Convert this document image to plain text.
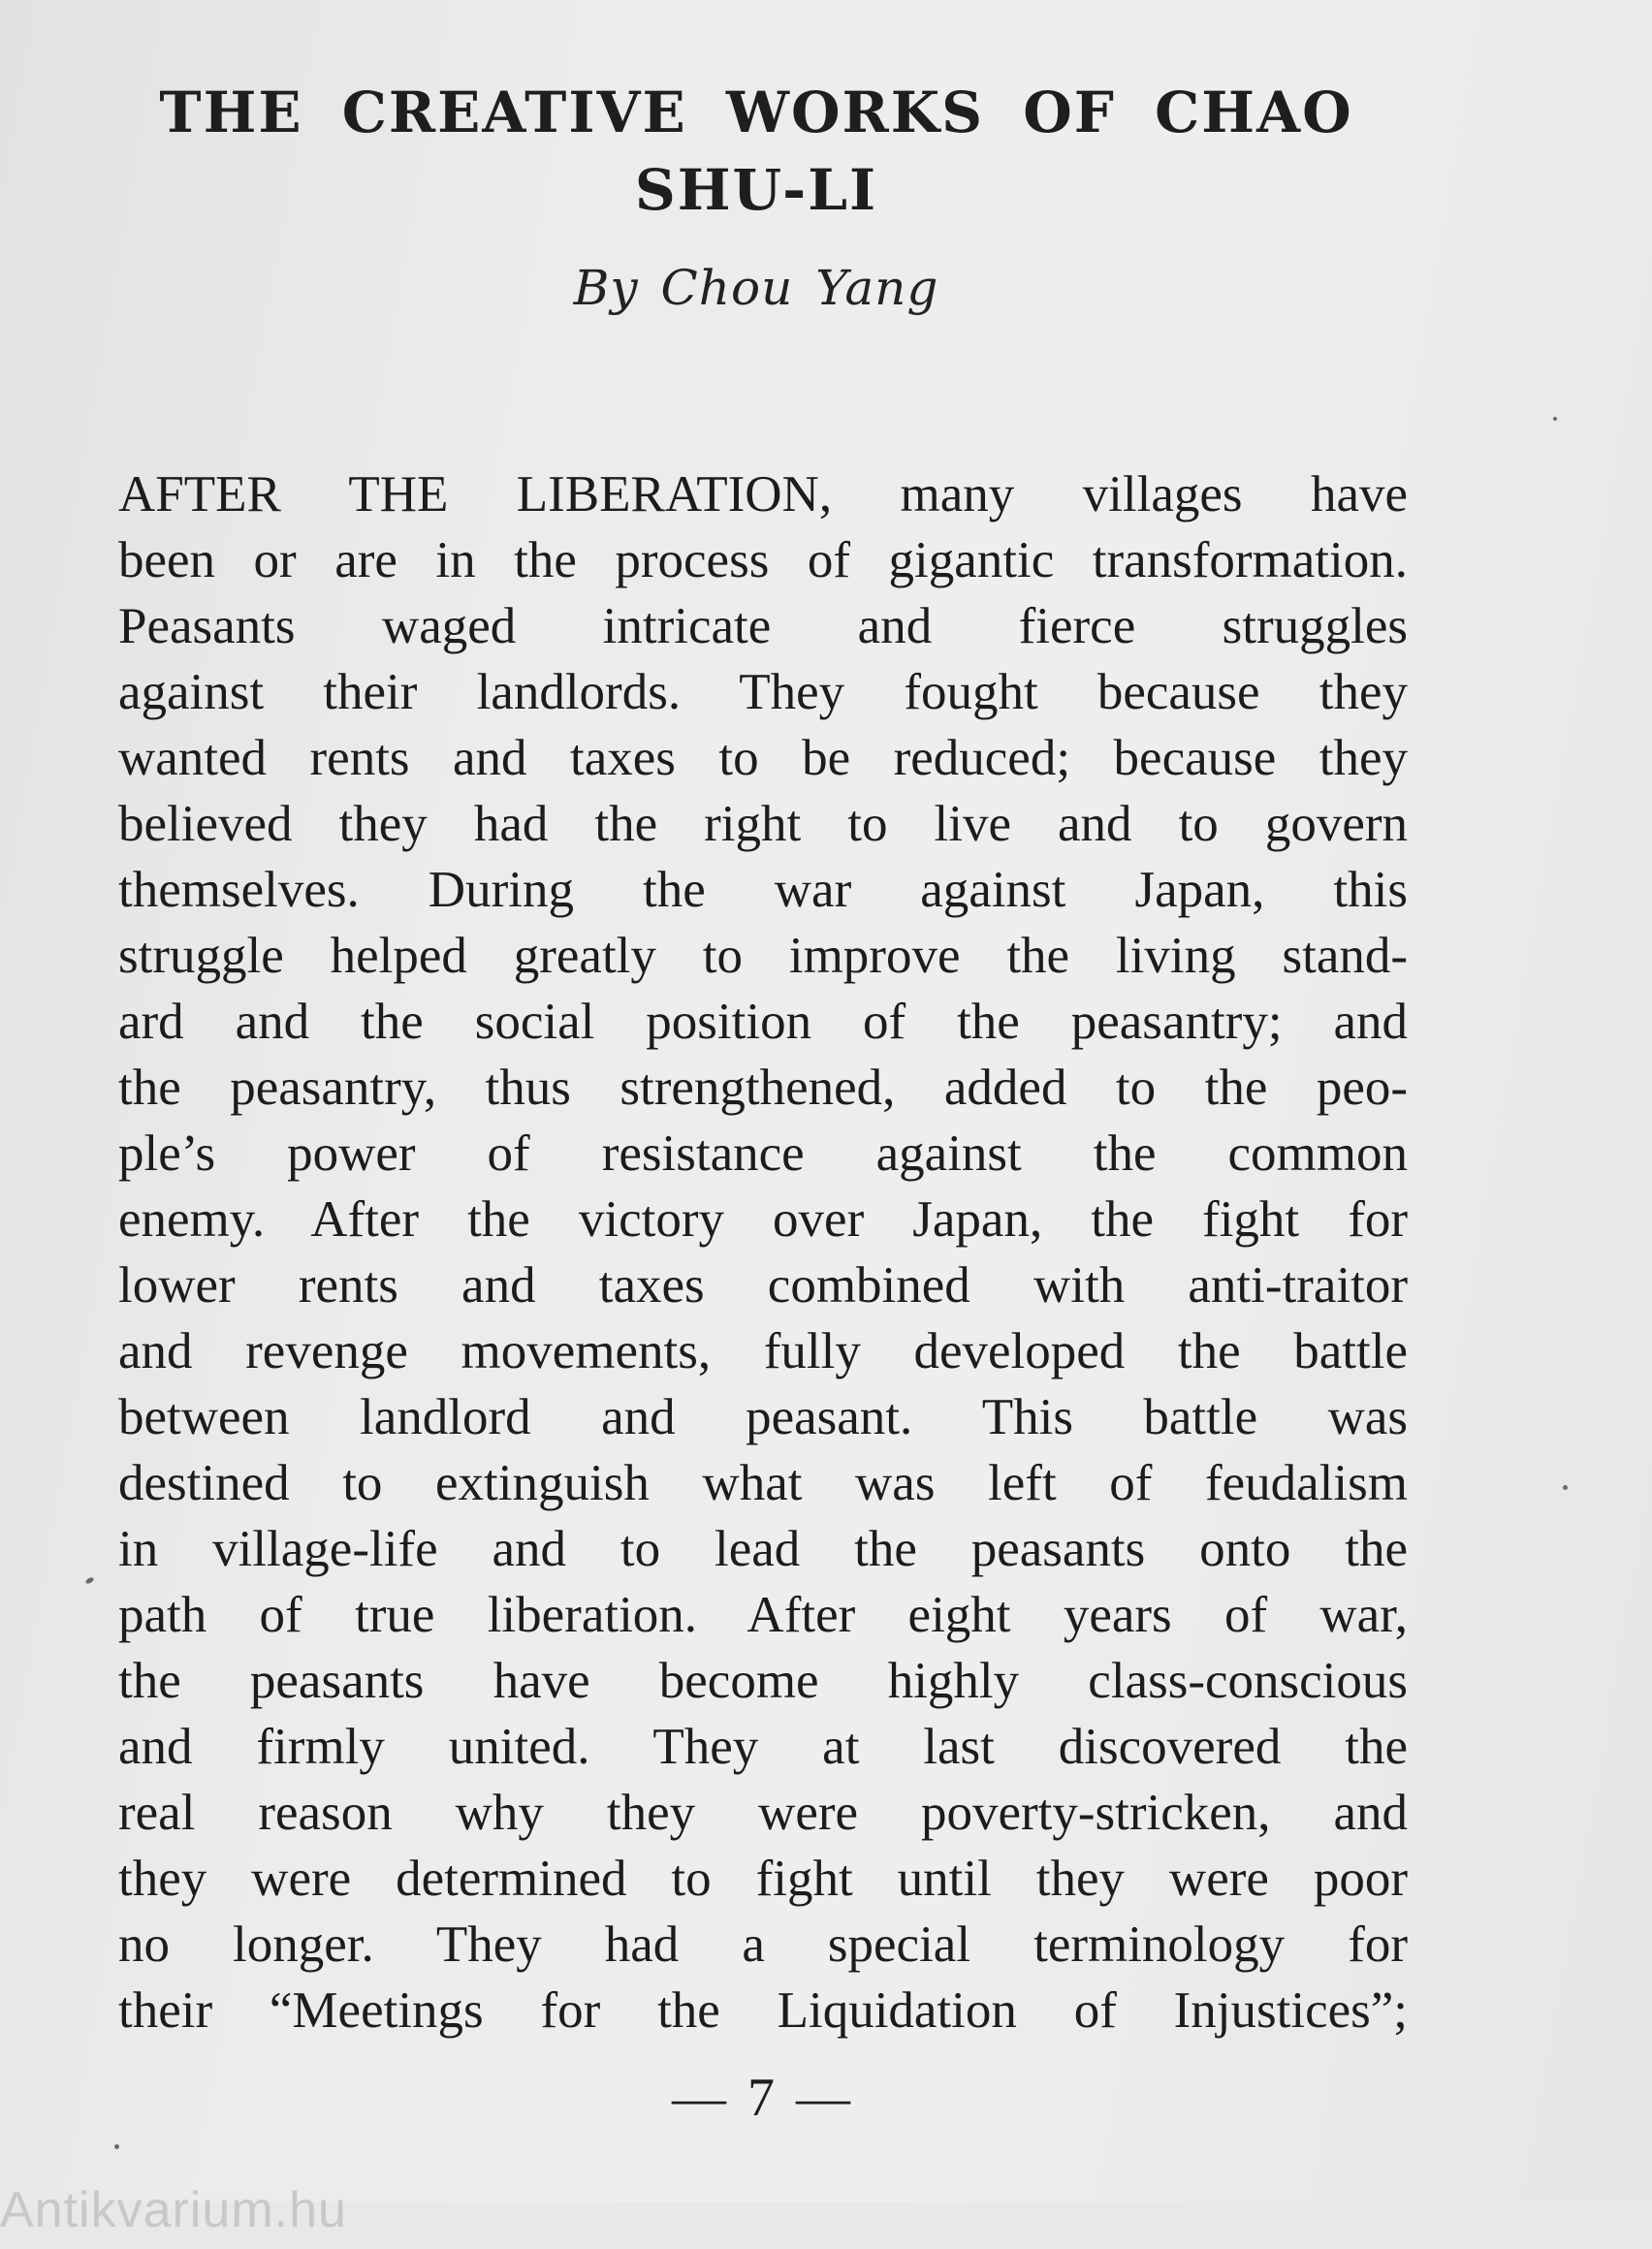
THE CREATIVE WORKS OF CHAO
SHU-LI
By Chou Yang
AFTER THE LIBERATION, many villages have
been or are in the process of gigantic transformation.
Peasants waged intricate and fierce struggles
against their landlords. They fought because they
wanted rents and taxes to be reduced; because they
believed they had the right to live and to govern
themselves. During the war against Japan, this
struggle helped greatly to improve the living stand-
ard and the social position of the peasantry; and
the peasantry, thus strengthened, added to the peo-
ple’s power of resistance against the common
enemy. After the victory over Japan, the fight for
lower rents and taxes combined with anti-traitor
and revenge movements, fully developed the battle
between landlord and peasant. This battle was
destined to extinguish what was left of feudalism
in village-life and to lead the peasants onto the
path of true liberation. After eight years of war,
the peasants have become highly class-conscious
and firmly united. They at last discovered the
real reason why they were poverty-stricken, and
they were determined to fight until they were poor
no longer. They had a special terminology for
their “Meetings for the Liquidation of Injustices”;
— 7 —
Antikvarium.hu
